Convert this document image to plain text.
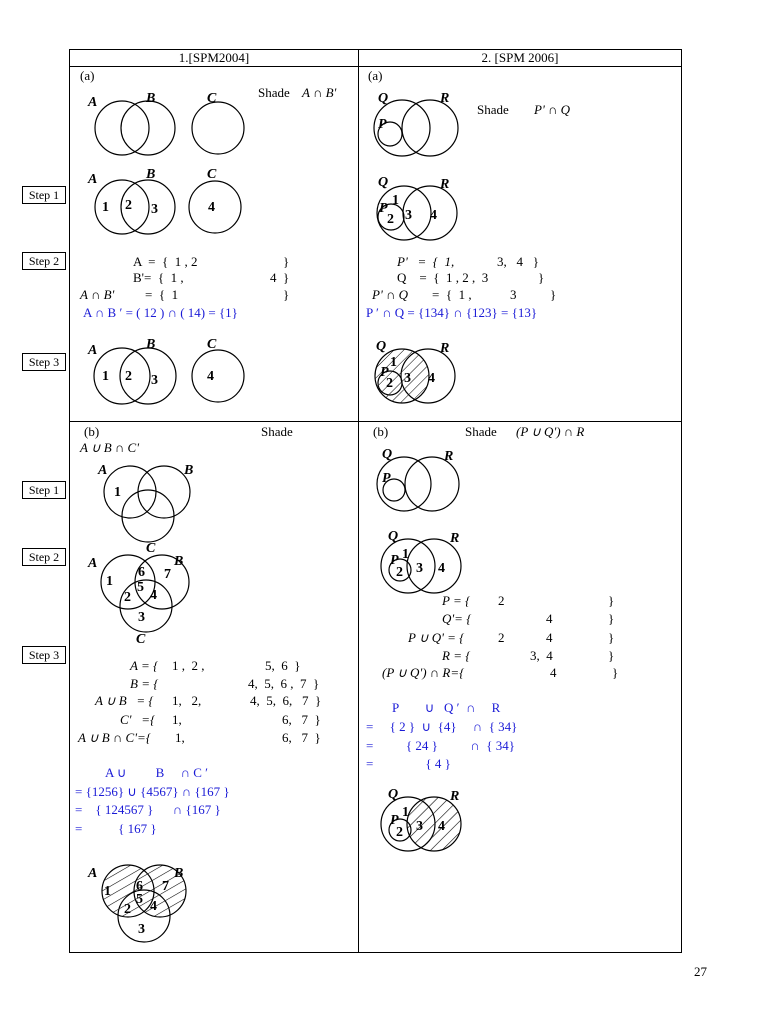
1.[SPM2004]	2. [SPM 2006]
Step 1
Step 2
Step 3
Step 1
Step 2
Step 3
(a)
Shade A ∩ B'
A	B	C
A	B	C
1 2 3	4
A  =  {  1 , 2	}
B'=  {  1 ,	4  }
A ∩ B' =  {  1	}
A ∩ B ′ = ( 12 ) ∩ ( 14) = {1}
A	B	C
1 2 3	4
(a)
Shade P' ∩ Q
Q	R
P
Q	R
P
1
2 3 4
P'   =  {  1,	3,   4   }
Q    =  {  1 , 2 ,  3	}
P' ∩ Q =  {  1 ,	3	}
P ′ ∩ Q = {134} ∩ {123} = {13}
Q	R
P
1
2 3 4
(b)	Shade
A ∪ B ∩ C'
A	B
C
1
A	B
C
1
6 7
5
2 4
3
A = { 1 ,  2 ,	5,  6  }
B = {	4,  5,  6 ,  7  }
A ∪ B   = { 1,   2,	4,  5,  6,   7  }
C'   ={ 1,	6,   7  }
A ∪ B ∩ C'={ 1,	6,   7  }
A ∪         B     ∩ C ′
= {1256} ∪ {4567} ∩ {167 }
=    { 124567 }      ∩ {167 }
=           { 167 }
A	B
1 6 7
5
2 4
3
(b)	Shade (P ∪ Q') ∩ R
Q	R
P
Q	R
P 1
2 3 4
P = { 2	}
Q'= {	4	}
P ∪ Q' = {	2	4	}
R = {	3,  4	}
(P ∪ Q') ∩ R={	4	}
P        ∪   Q ′  ∩     R
=     { 2 }  ∪  {4}     ∩  { 34}
=          { 24 }          ∩  { 34}
=                { 4 }
Q	R
P
1
2 3 4
27
